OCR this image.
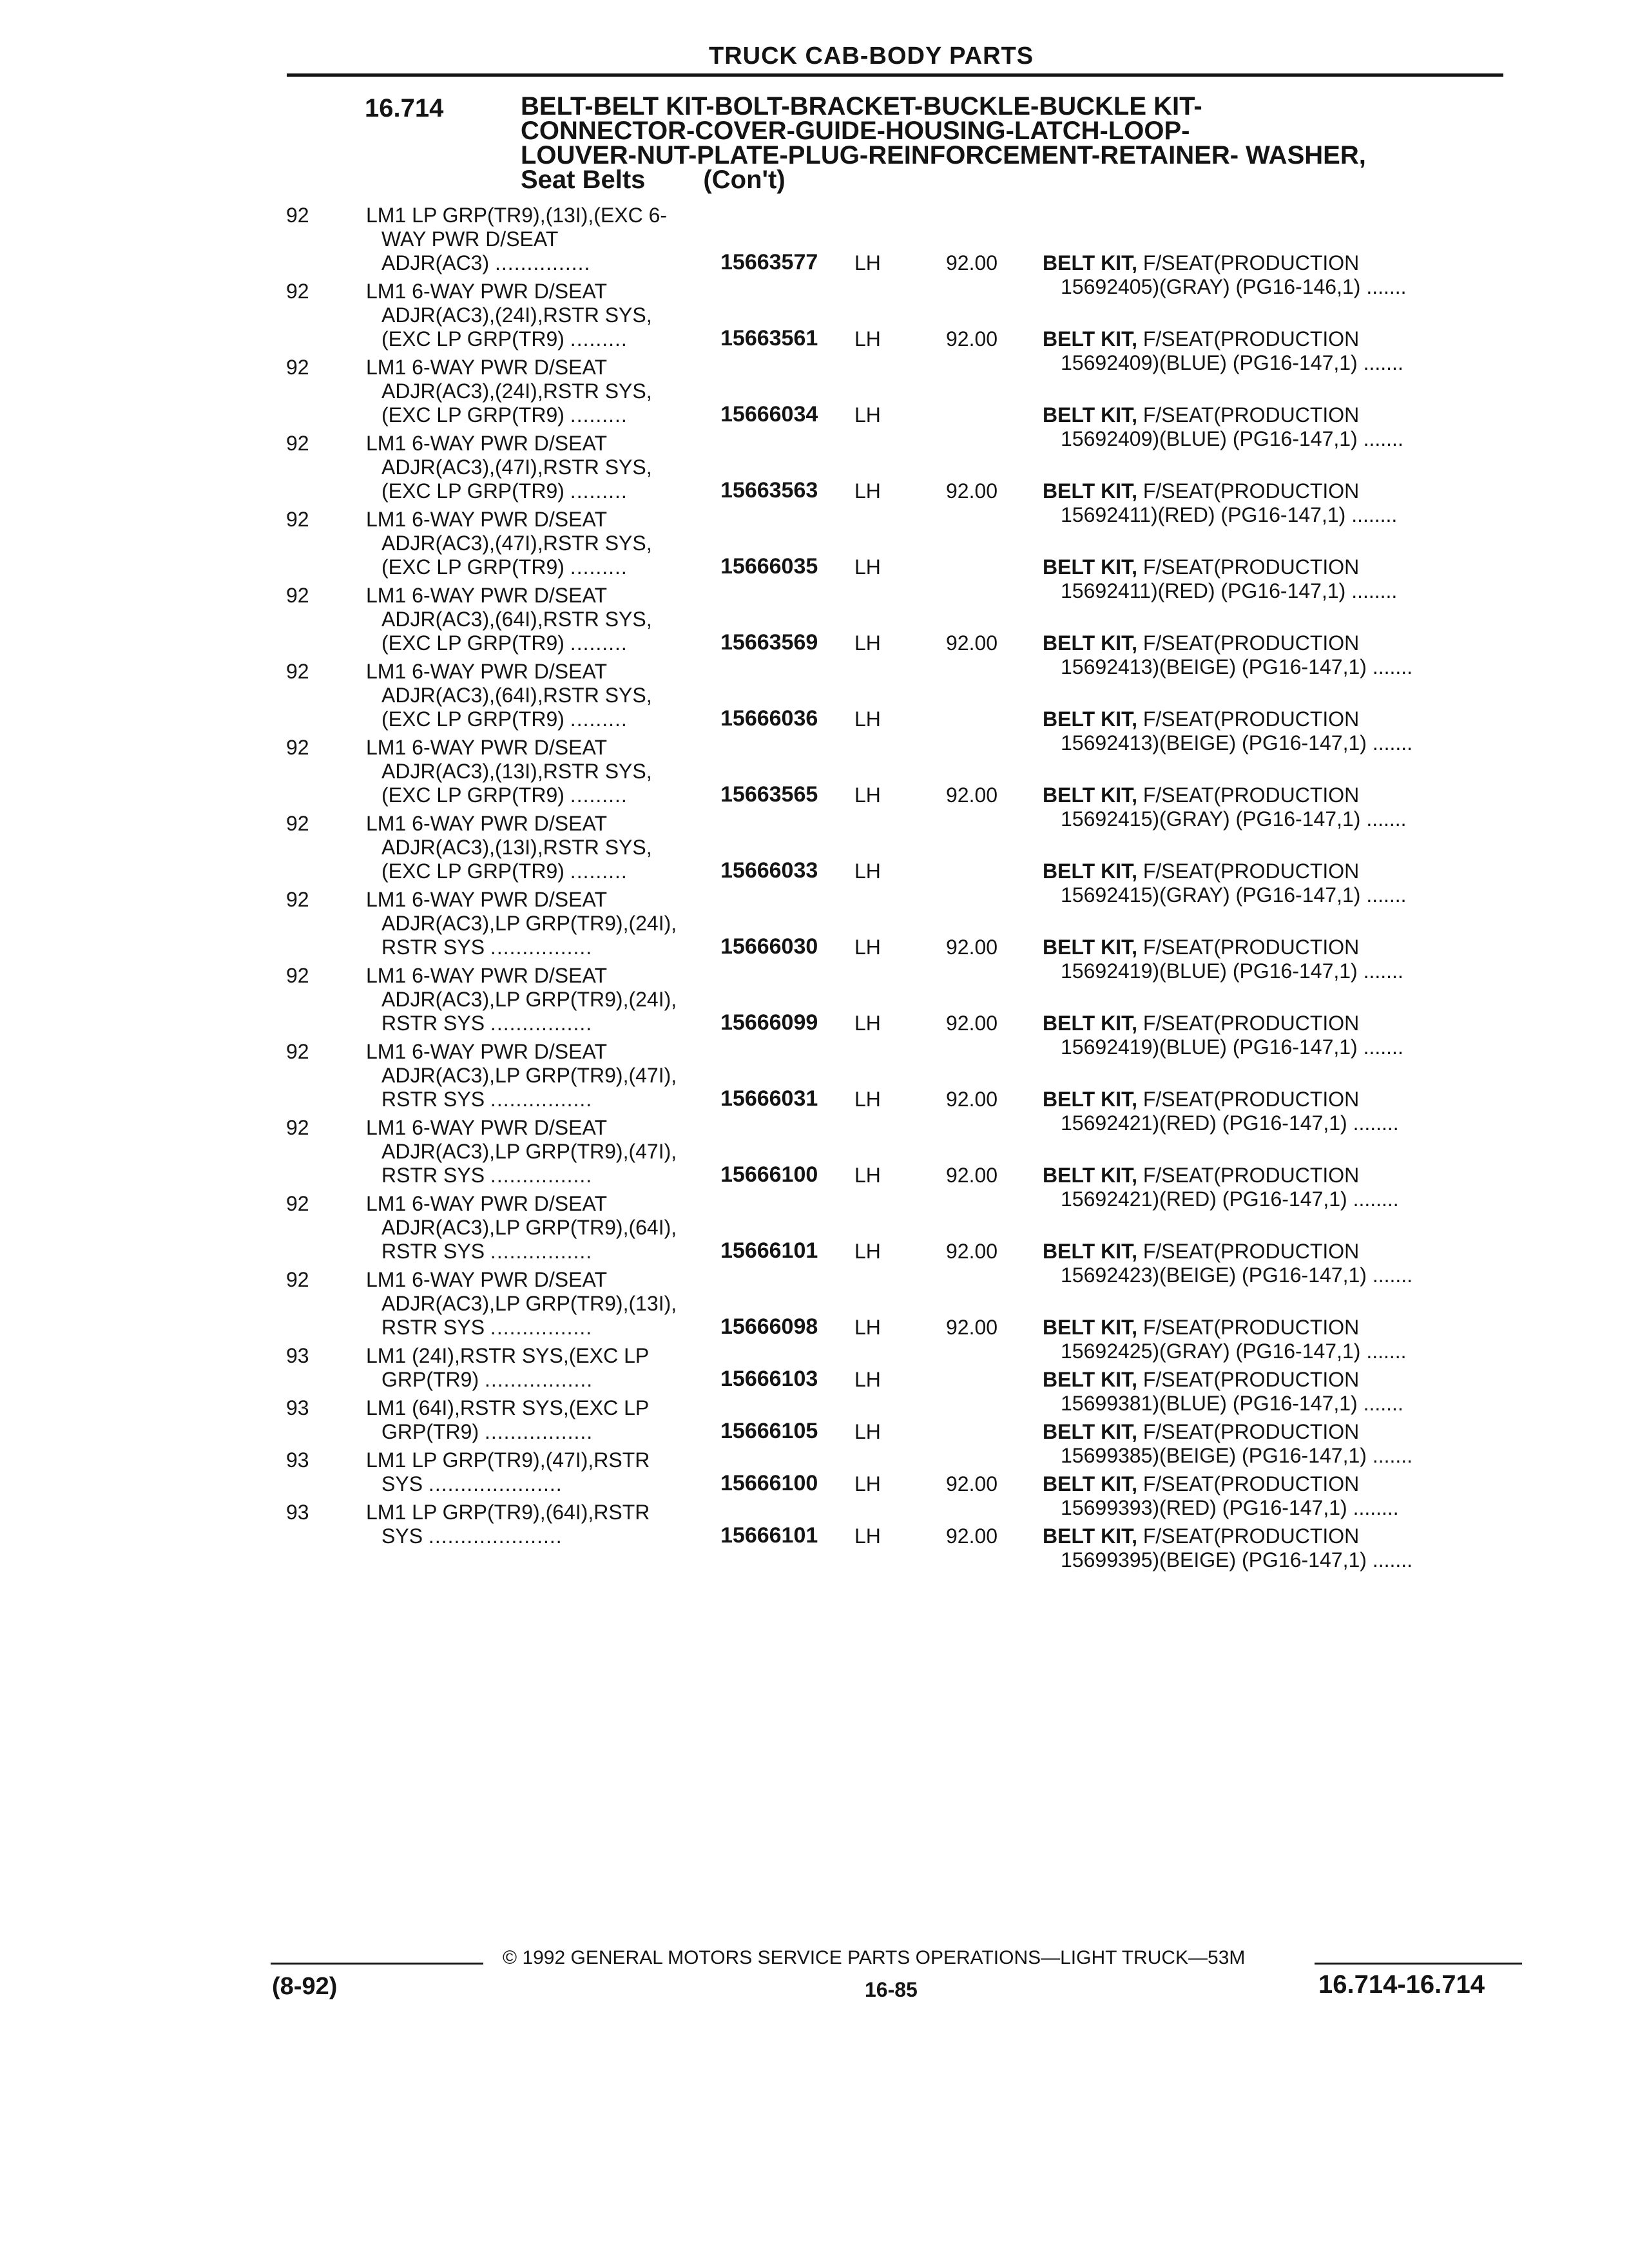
TRUCK CAB-BODY PARTS
16.714	BELT-BELT KIT-BOLT-BRACKET-BUCKLE-BUCKLE KIT-
CONNECTOR-COVER-GUIDE-HOUSING-LATCH-LOOP-
LOUVER-NUT-PLATE-PLUG-REINFORCEMENT-RETAINER- WASHER,
Seat Belts (Con't)
92	LM1 LP GRP(TR9),(13I),(EXC 6-
WAY PWR D/SEAT
ADJR(AC3) ...............	15663577 LH	92.00 BELT KIT, F/SEAT(PRODUCTION
15692405)(GRAY) (PG16-146,1) .......
92	LM1 6-WAY PWR D/SEAT
ADJR(AC3),(24I),RSTR SYS,
(EXC LP GRP(TR9) .........	15663561 LH	92.00 BELT KIT, F/SEAT(PRODUCTION
15692409)(BLUE) (PG16-147,1) .......
92	LM1 6-WAY PWR D/SEAT
ADJR(AC3),(24I),RSTR SYS,
(EXC LP GRP(TR9) .........	15666034 LH	BELT KIT, F/SEAT(PRODUCTION
15692409)(BLUE) (PG16-147,1) .......
92	LM1 6-WAY PWR D/SEAT
ADJR(AC3),(47I),RSTR SYS,
(EXC LP GRP(TR9) .........	15663563 LH	92.00 BELT KIT, F/SEAT(PRODUCTION
15692411)(RED) (PG16-147,1) ........
92	LM1 6-WAY PWR D/SEAT
ADJR(AC3),(47I),RSTR SYS,
(EXC LP GRP(TR9) .........	15666035 LH	BELT KIT, F/SEAT(PRODUCTION
15692411)(RED) (PG16-147,1) ........
92	LM1 6-WAY PWR D/SEAT
ADJR(AC3),(64I),RSTR SYS,
(EXC LP GRP(TR9) .........	15663569 LH	92.00 BELT KIT, F/SEAT(PRODUCTION
15692413)(BEIGE) (PG16-147,1) .......
92	LM1 6-WAY PWR D/SEAT
ADJR(AC3),(64I),RSTR SYS,
(EXC LP GRP(TR9) .........	15666036 LH	BELT KIT, F/SEAT(PRODUCTION
15692413)(BEIGE) (PG16-147,1) .......
92	LM1 6-WAY PWR D/SEAT
ADJR(AC3),(13I),RSTR SYS,
(EXC LP GRP(TR9) .........	15663565 LH	92.00 BELT KIT, F/SEAT(PRODUCTION
15692415)(GRAY) (PG16-147,1) .......
92	LM1 6-WAY PWR D/SEAT
ADJR(AC3),(13I),RSTR SYS,
(EXC LP GRP(TR9) .........	15666033 LH	BELT KIT, F/SEAT(PRODUCTION
15692415)(GRAY) (PG16-147,1) .......
92	LM1 6-WAY PWR D/SEAT
ADJR(AC3),LP GRP(TR9),(24I),
RSTR SYS ................	15666030 LH	92.00 BELT KIT, F/SEAT(PRODUCTION
15692419)(BLUE) (PG16-147,1) .......
92	LM1 6-WAY PWR D/SEAT
ADJR(AC3),LP GRP(TR9),(24I),
RSTR SYS ................	15666099 LH	92.00 BELT KIT, F/SEAT(PRODUCTION
15692419)(BLUE) (PG16-147,1) .......
92	LM1 6-WAY PWR D/SEAT
ADJR(AC3),LP GRP(TR9),(47I),
RSTR SYS ................	15666031 LH	92.00 BELT KIT, F/SEAT(PRODUCTION
15692421)(RED) (PG16-147,1) ........
92	LM1 6-WAY PWR D/SEAT
ADJR(AC3),LP GRP(TR9),(47I),
RSTR SYS ................	15666100 LH	92.00 BELT KIT, F/SEAT(PRODUCTION
15692421)(RED) (PG16-147,1) ........
92	LM1 6-WAY PWR D/SEAT
ADJR(AC3),LP GRP(TR9),(64I),
RSTR SYS ................	15666101 LH	92.00 BELT KIT, F/SEAT(PRODUCTION
15692423)(BEIGE) (PG16-147,1) .......
92	LM1 6-WAY PWR D/SEAT
ADJR(AC3),LP GRP(TR9),(13I),
RSTR SYS ................	15666098 LH	92.00 BELT KIT, F/SEAT(PRODUCTION
15692425)(GRAY) (PG16-147,1) .......
93	LM1 (24I),RSTR SYS,(EXC LP
GRP(TR9) .................	15666103 LH	BELT KIT, F/SEAT(PRODUCTION
15699381)(BLUE) (PG16-147,1) .......
93	LM1 (64I),RSTR SYS,(EXC LP
GRP(TR9) .................	15666105 LH	BELT KIT, F/SEAT(PRODUCTION
15699385)(BEIGE) (PG16-147,1) .......
93	LM1 LP GRP(TR9),(47I),RSTR
SYS .....................	15666100 LH	92.00 BELT KIT, F/SEAT(PRODUCTION
15699393)(RED) (PG16-147,1) ........
93	LM1 LP GRP(TR9),(64I),RSTR
SYS .....................	15666101 LH	92.00 BELT KIT, F/SEAT(PRODUCTION
15699395)(BEIGE) (PG16-147,1) .......
© 1992 GENERAL MOTORS SERVICE PARTS OPERATIONS—LIGHT TRUCK—53M
(8-92)	16-85	16.714-16.714
